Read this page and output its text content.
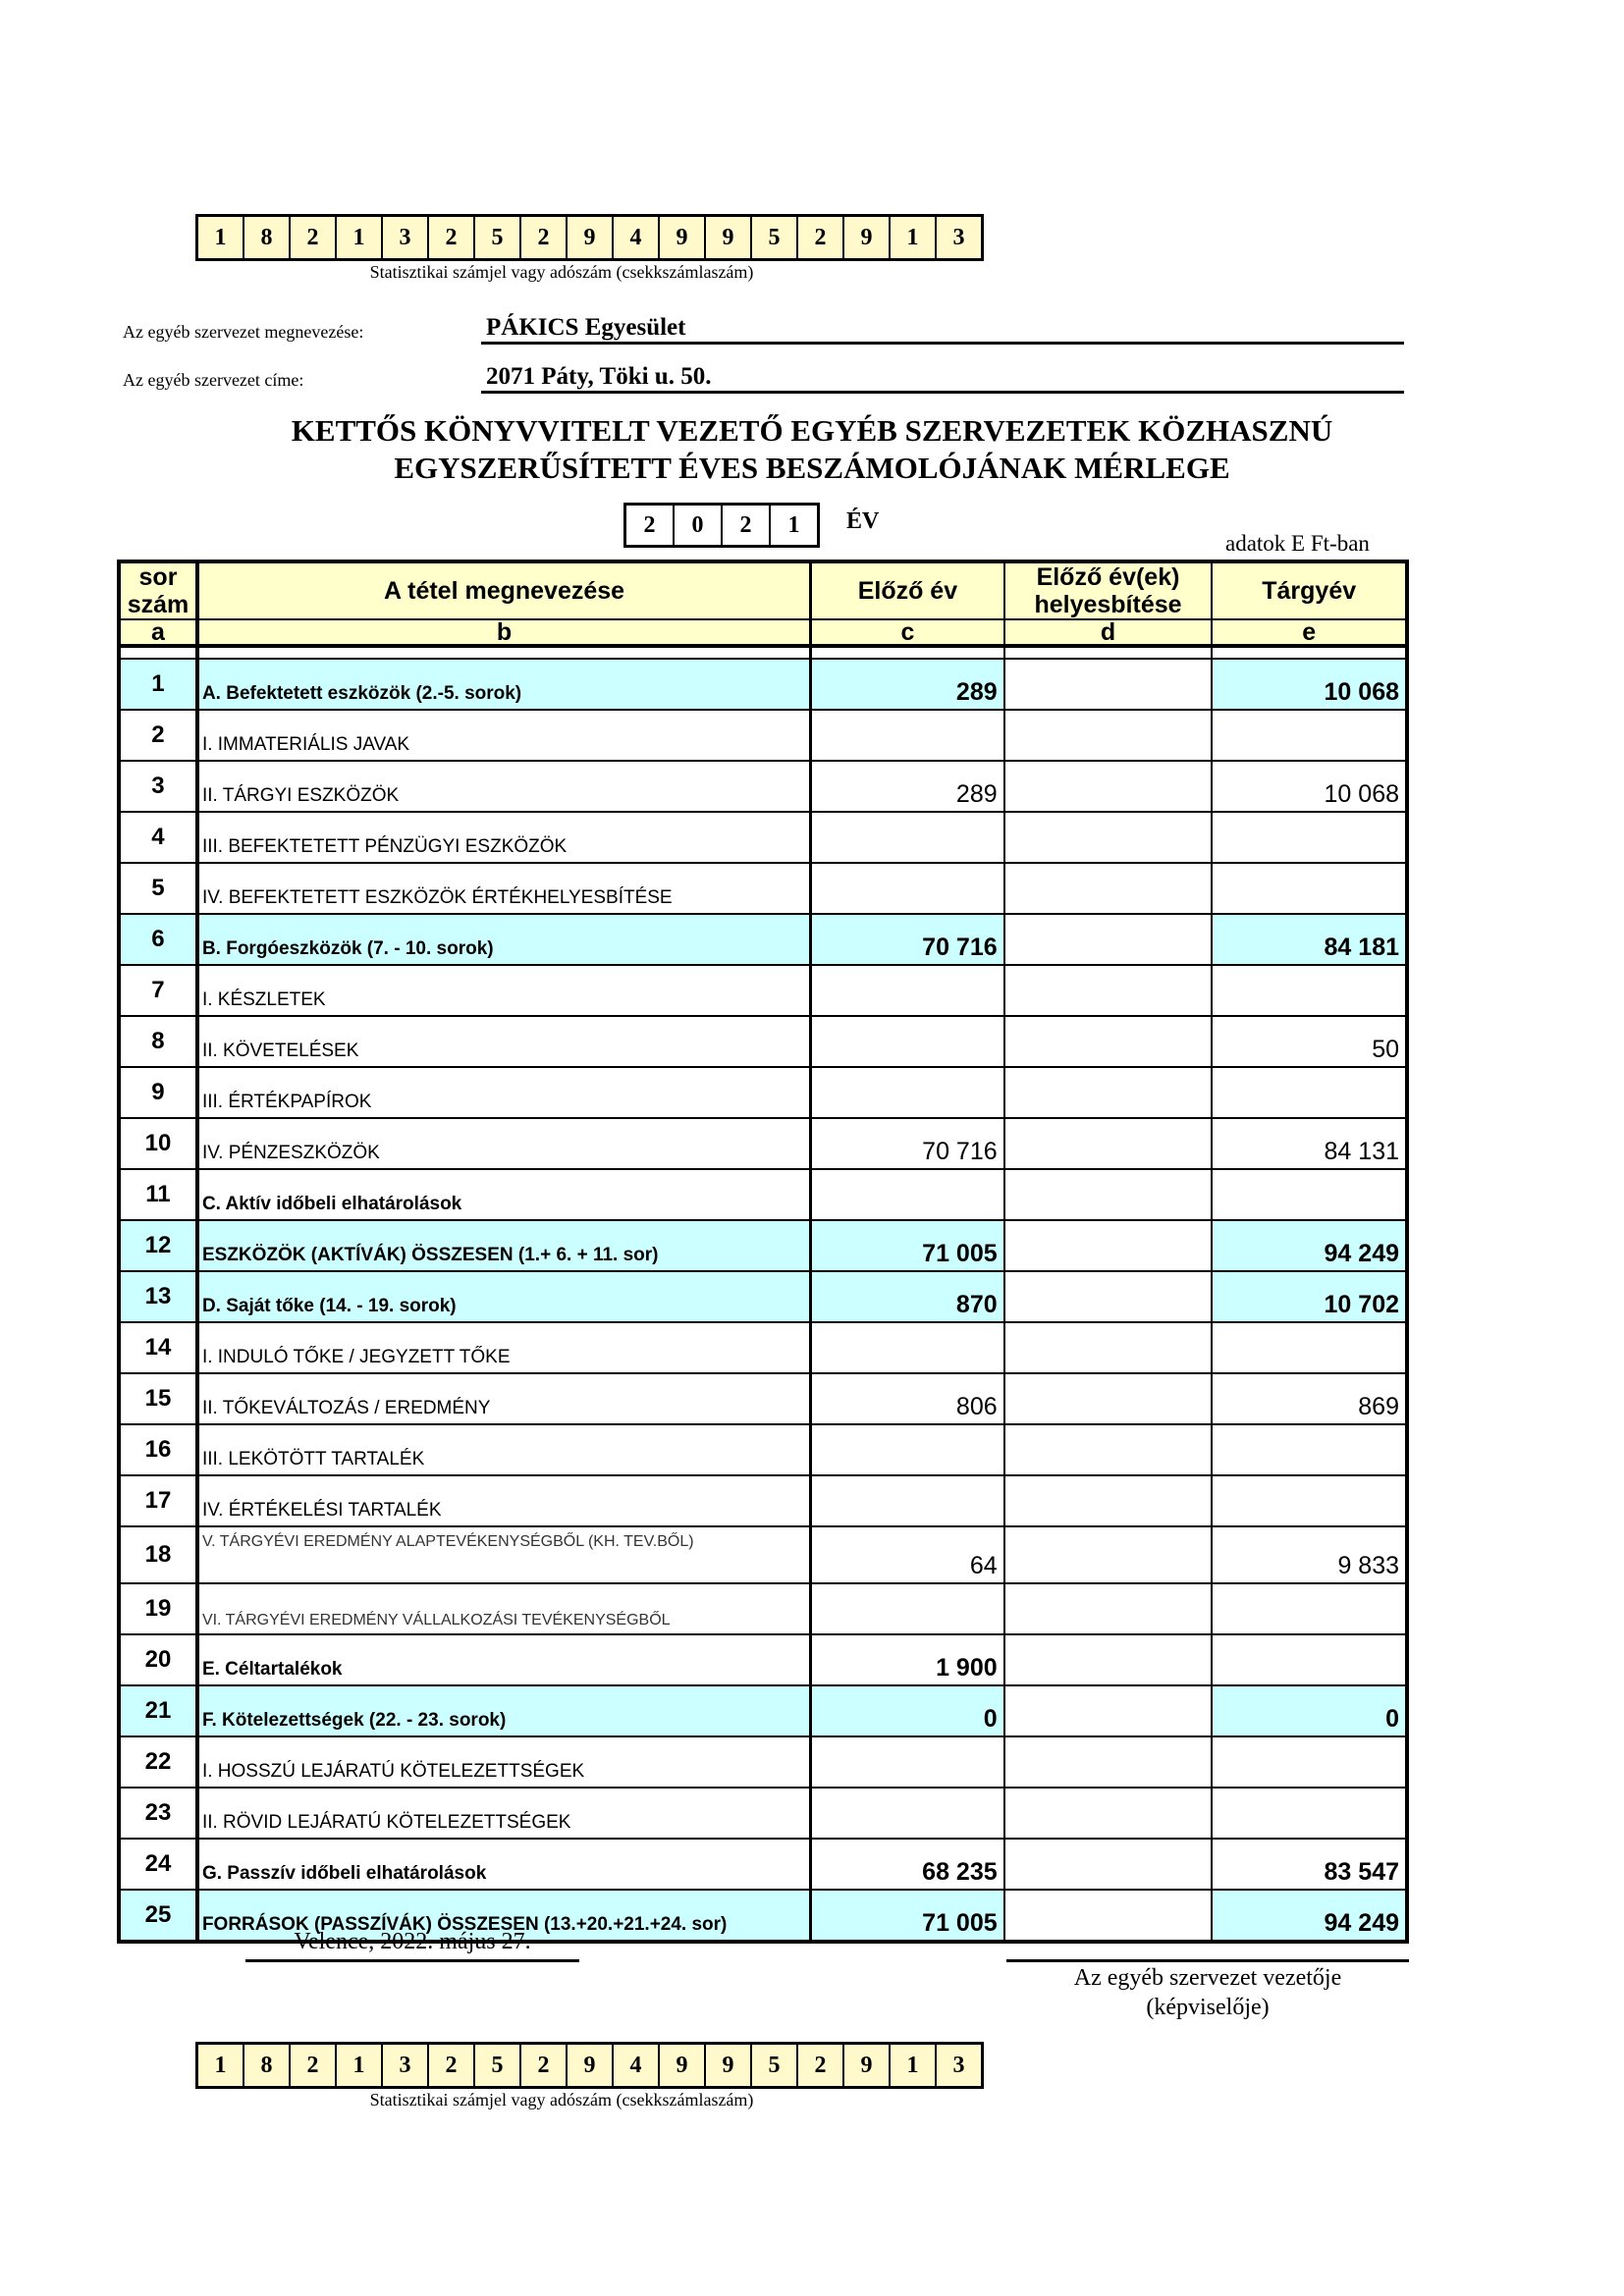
1	8	2	1	3	2	5	2	9	4	9	9	5	2	9	1	3
Statisztikai számjel vagy adószám (csekkszámlaszám)
Az egyéb szervezet megnevezése:	PÁKICS Egyesület
Az egyéb szervezet címe:	2071 Páty, Töki u. 50.
KETTŐS KÖNYVVITELT VEZETŐ EGYÉB SZERVEZETEK KÖZHASZNÚ
EGYSZERŰSÍTETT ÉVES BESZÁMOLÓJÁNAK MÉRLEGE
2	0	2	1	ÉV
adatok E Ft-ban
sor szám	A tétel megnevezése	Előző év	Előző év(ek) helyesbítése	Tárgyév
a	b	c	d	e

1	A. Befektetett eszközök (2.-5. sorok)	289		10 068
2	I. IMMATERIÁLIS JAVAK			
3	II. TÁRGYI ESZKÖZÖK	289		10 068
4	III. BEFEKTETETT PÉNZÜGYI ESZKÖZÖK			
5	IV. BEFEKTETETT ESZKÖZÖK ÉRTÉKHELYESBÍTÉSE			
6	B. Forgóeszközök (7. - 10. sorok)	70 716		84 181
7	I. KÉSZLETEK			
8	II. KÖVETELÉSEK			50
9	III. ÉRTÉKPAPÍROK			
10	IV. PÉNZESZKÖZÖK	70 716		84 131
11	C. Aktív időbeli elhatárolások			
12	ESZKÖZÖK (AKTÍVÁK) ÖSSZESEN (1.+ 6. + 11. sor)	71 005		94 249
13	D. Saját tőke (14. - 19. sorok)	870		10 702
14	I. INDULÓ TŐKE / JEGYZETT TŐKE			
15	II. TŐKEVÁLTOZÁS / EREDMÉNY	806		869
16	III. LEKÖTÖTT TARTALÉK			
17	IV. ÉRTÉKELÉSI TARTALÉK			
18	V. TÁRGYÉVI EREDMÉNY ALAPTEVÉKENYSÉGBŐL (KH. TEV.BŐL)	64		9 833
19	VI. TÁRGYÉVI EREDMÉNY VÁLLALKOZÁSI TEVÉKENYSÉGBŐL			
20	E. Céltartalékok	1 900		
21	F. Kötelezettségek (22. - 23. sorok)	0		0
22	I. HOSSZÚ LEJÁRATÚ KÖTELEZETTSÉGEK			
23	II. RÖVID LEJÁRATÚ KÖTELEZETTSÉGEK			
24	G. Passzív időbeli elhatárolások	68 235		83 547
25	FORRÁSOK (PASSZÍVÁK) ÖSSZESEN (13.+20.+21.+24. sor)	71 005		94 249
Velence, 2022. május 27.
Az egyéb szervezet vezetője
(képviselője)
1	8	2	1	3	2	5	2	9	4	9	9	5	2	9	1	3
Statisztikai számjel vagy adószám (csekkszámlaszám)
